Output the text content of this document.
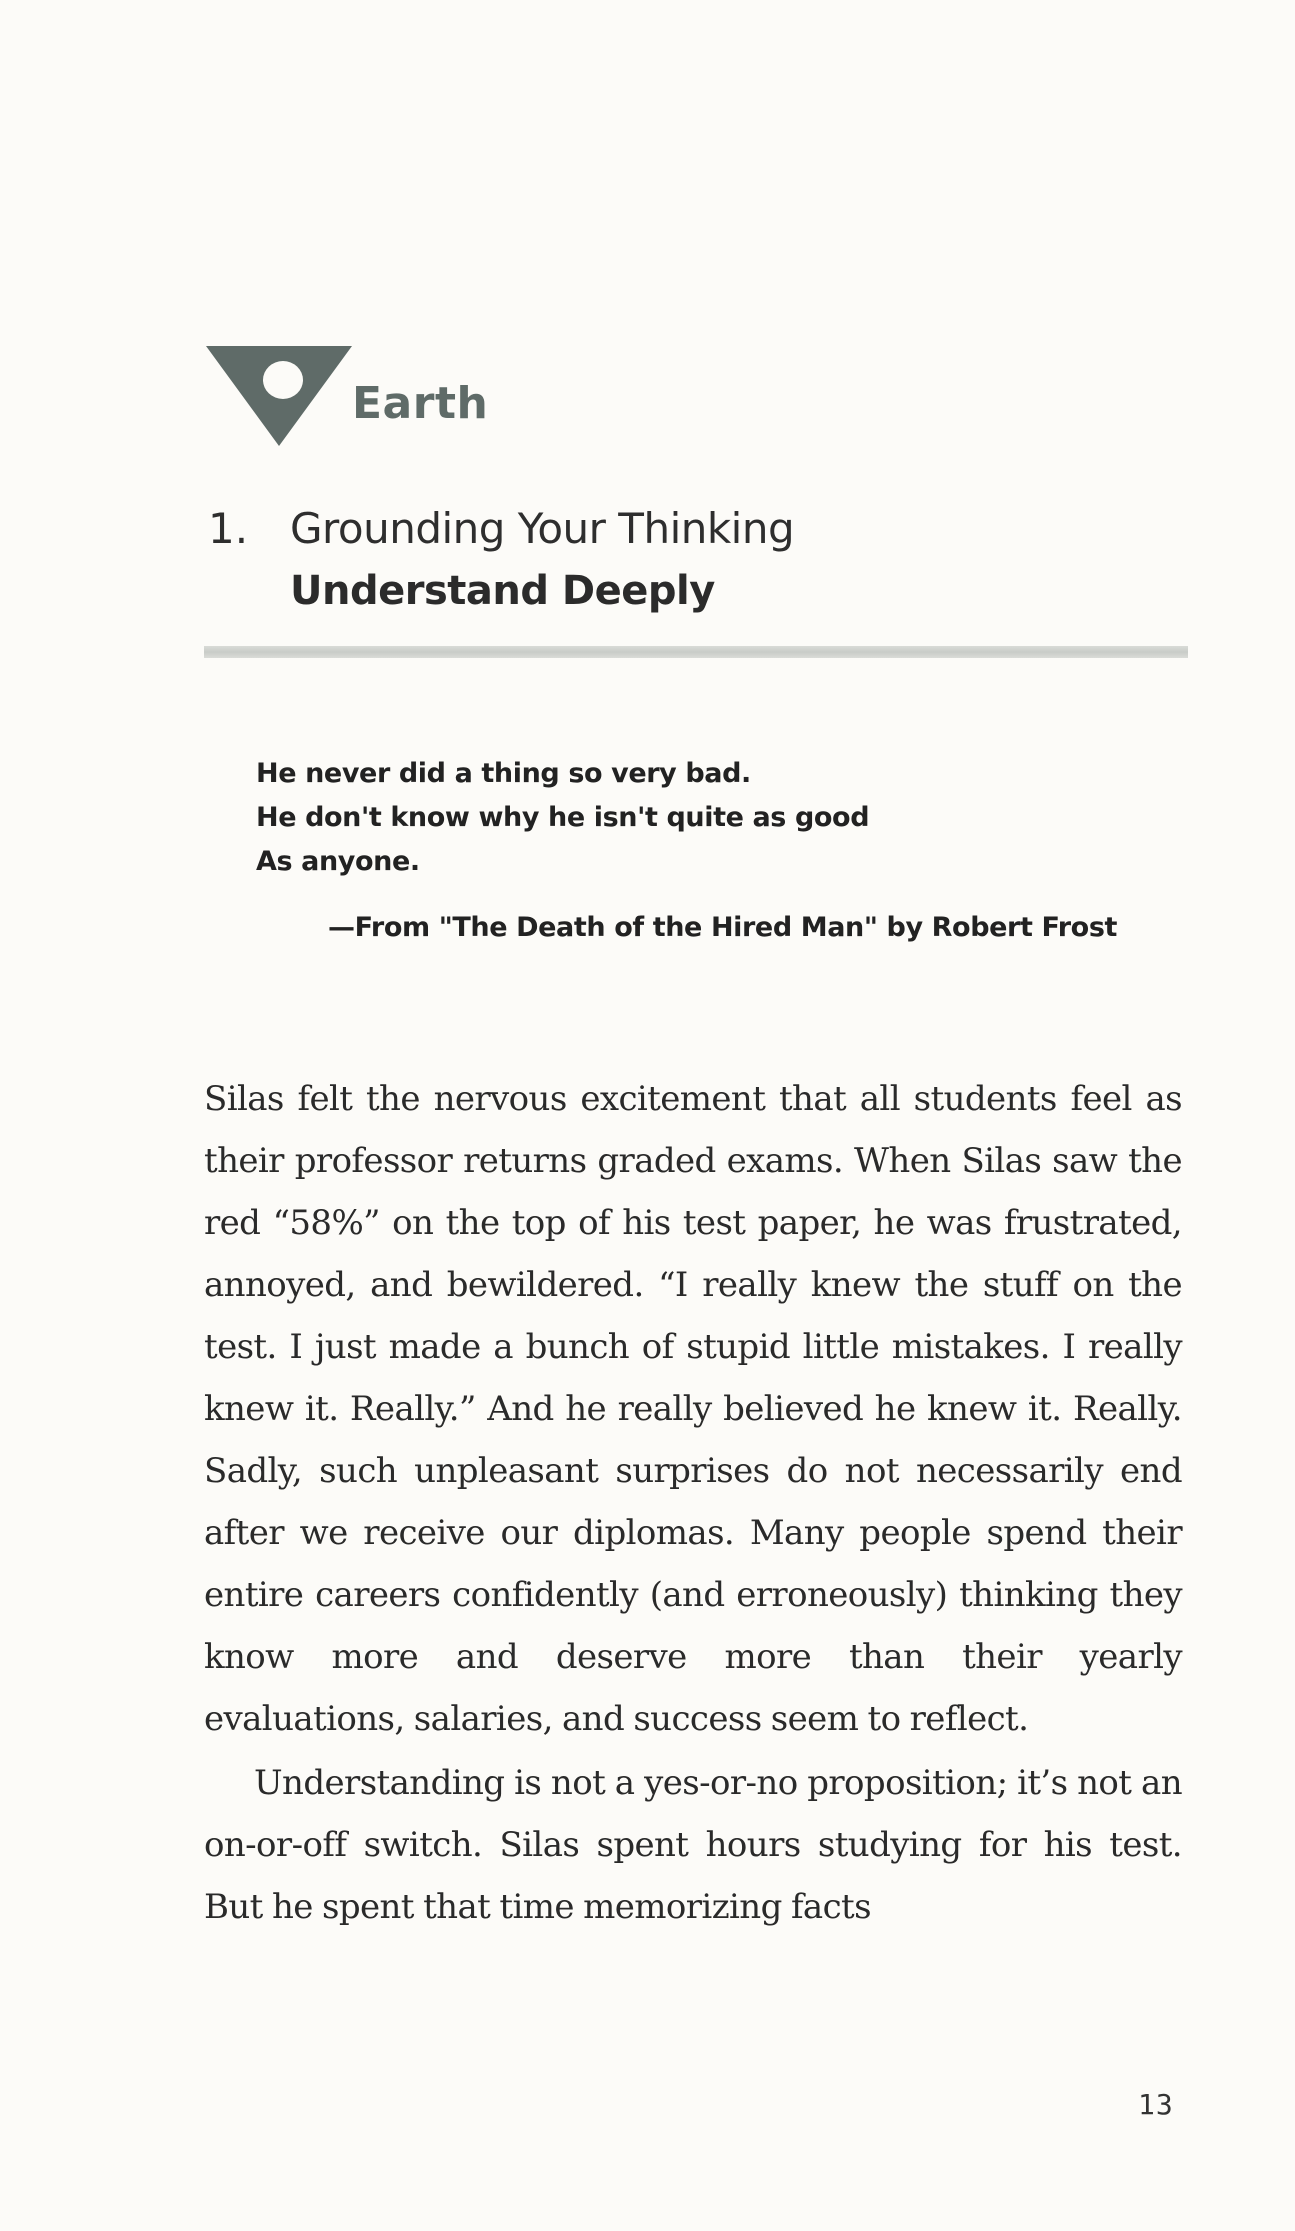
Earth
1. Grounding Your Thinking
Understand Deeply
He never did a thing so very bad.
He don't know why he isn't quite as good
As anyone.
—From "The Death of the Hired Man" by Robert Frost

Silas felt the nervous excitement that all students feel as their professor returns graded exams. When Silas saw the red “58%” on the top of his test paper, he was frustrated, annoyed, and bewildered. “I really knew the stuff on the test. I just made a bunch of stupid little mistakes. I really knew it. Really.” And he really believed he knew it. Really. Sadly, such unpleasant surprises do not necessarily end after we receive our diplomas. Many people spend their entire careers confidently (and erroneously) thinking they know more and deserve more than their yearly evaluations, salaries, and success seem to reflect.

Understanding is not a yes-or-no proposition; it’s not an on-or-off switch. Silas spent hours studying for his test. But he spent that time memorizing facts

13
